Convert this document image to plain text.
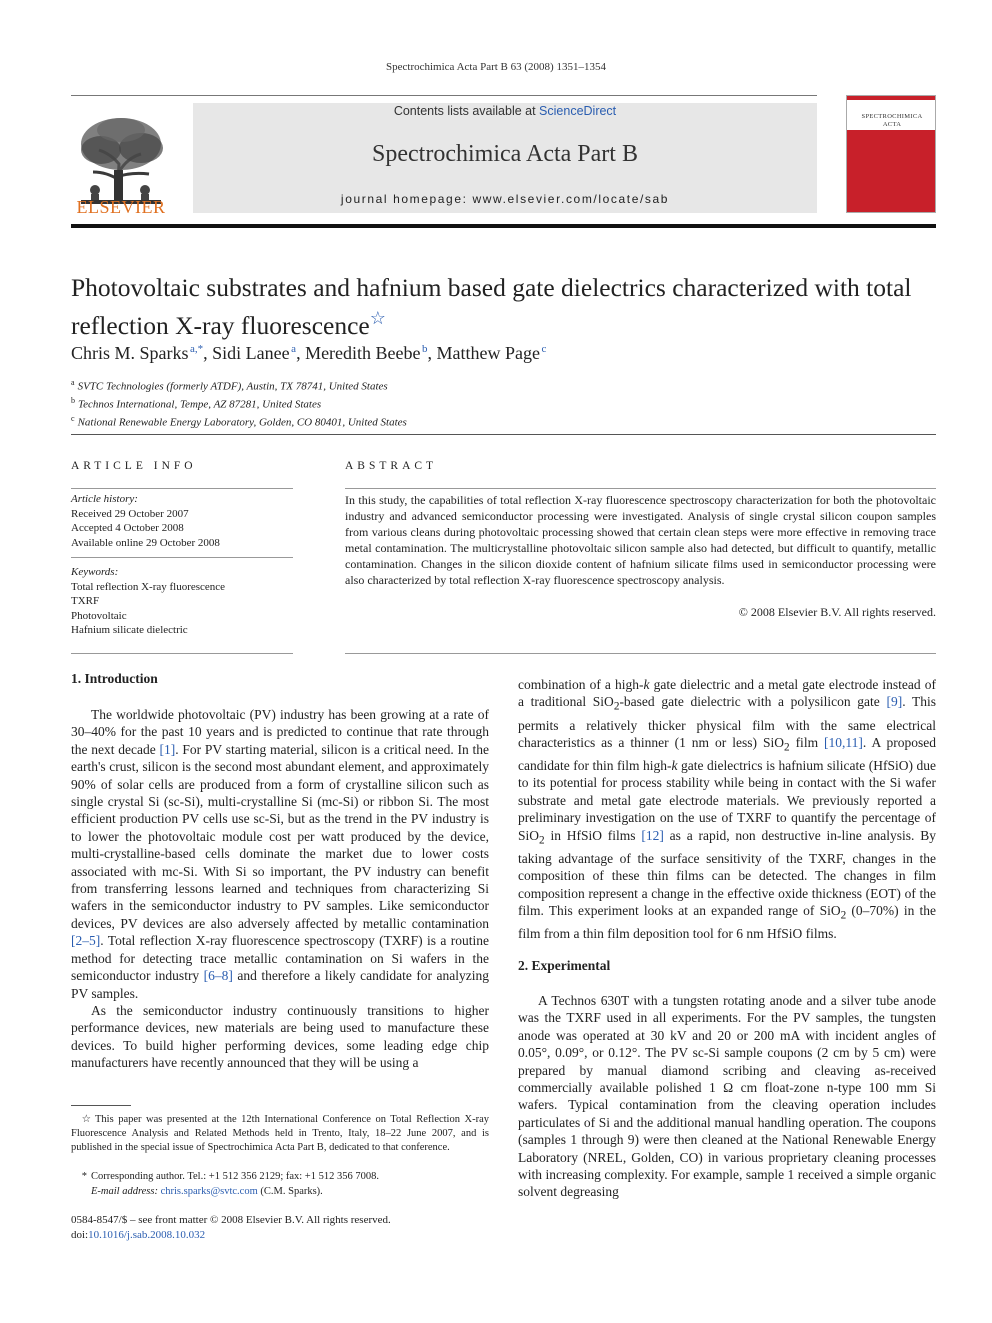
Spectrochimica Acta Part B 63 (2008) 1351–1354
Contents lists available at ScienceDirect
Spectrochimica Acta Part B
journal homepage: www.elsevier.com/locate/sab
ELSEVIER
SPECTROCHIMICA ACTA
Photovoltaic substrates and hafnium based gate dielectrics characterized with total
reflection X-ray fluorescence☆
Chris M. Sparks  $^{a,*}$, Sidi Lanee  $^a$, Meredith Beebe  $^b$, Matthew Page  $^c$
$^a$ SVTC Technologies (formerly ATDF), Austin, TX 78741, United States
$^b$ Technos International, Tempe, AZ 87281, United States
$^c$ National Renewable Energy Laboratory, Golden, CO 80401, United States
ARTICLE INFO
Article history:
Received 29 October 2007
Accepted 4 October 2008
Available online 29 October 2008
Keywords:
Total reflection X-ray fluorescence
TXRF
Photovoltaic
Hafnium silicate dielectric
ABSTRACT
In this study, the capabilities of total reflection X-ray fluorescence spectroscopy characterization for both the photovoltaic industry and advanced semiconductor processing were investigated. Analysis of single crystal silicon coupon samples from various cleans during photovoltaic processing showed that certain clean steps were more effective in removing trace metal contamination. The multicrystalline photovoltaic silicon sample also had detected, but difficult to quantify, metallic contamination. Changes in the silicon dioxide content of hafnium silicate films used in semiconductor processing were also characterized by total reflection X-ray fluorescence spectroscopy analysis.
© 2008 Elsevier B.V. All rights reserved.
1. Introduction

The worldwide photovoltaic (PV) industry has been growing at a rate of 30–40% for the past 10 years and is predicted to continue that rate through the next decade [1]. For PV starting material, silicon is a critical need. In the earth's crust, silicon is the second most abundant element, and approximately 90% of solar cells are produced from a form of crystalline silicon such as single crystal Si (sc-Si), multi-crystalline Si (mc-Si) or ribbon Si. The most efficient production PV cells use sc-Si, but as the trend in the PV industry is to lower the photovoltaic module cost per watt produced by the device, multi-crystalline-based cells dominate the market due to lower costs associated with mc-Si. With Si so important, the PV industry can benefit from transferring lessons learned and techniques from characterizing Si wafers in the semiconductor industry to PV samples. Like semiconductor devices, PV devices are also adversely affected by metallic contamination [2–5]. Total reflection X-ray fluorescence spectroscopy (TXRF) is a routine method for detecting trace metallic contamination on Si wafers in the semiconductor industry [6–8] and therefore a likely candidate for analyzing PV samples.

As the semiconductor industry continuously transitions to higher performance devices, new materials are being used to manufacture these devices. To build higher performing devices, some leading edge chip manufacturers have recently announced that they will be using a

☆ This paper was presented at the 12th International Conference on Total Reflection X-ray Fluorescence Analysis and Related Methods held in Trento, Italy, 18–22 June 2007, and is published in the special issue of Spectrochimica Acta Part B, dedicated to that conference.
* Corresponding author. Tel.: +1 512 356 2129; fax: +1 512 356 7008.
E-mail address: chris.sparks@svtc.com (C.M. Sparks).
0584-8547/$ – see front matter © 2008 Elsevier B.V. All rights reserved.
doi:10.1016/j.sab.2008.10.032

combination of a high-k gate dielectric and a metal gate electrode instead of a traditional SiO$_2$-based gate dielectric with a polysilicon gate [9]. This permits a relatively thicker physical film with the same electrical characteristics as a thinner (1 nm or less) SiO$_2$ film [10,11]. A proposed candidate for thin film high-k gate dielectrics is hafnium silicate (HfSiO) due to its potential for process stability while being in contact with the Si wafer substrate and metal gate electrode materials. We previously reported a preliminary investigation on the use of TXRF to quantify the percentage of SiO$_2$ in HfSiO films [12] as a rapid, non destructive in-line analysis. By taking advantage of the surface sensitivity of the TXRF, changes in the composition of these thin films can be detected. The changes in film composition represent a change in the effective oxide thickness (EOT) of the film. This experiment looks at an expanded range of SiO$_2$ (0–70%) in the film from a thin film deposition tool for 6 nm HfSiO films.

2. Experimental

A Technos 630T with a tungsten rotating anode and a silver tube anode was the TXRF used in all experiments. For the PV samples, the tungsten anode was operated at 30 kV and 20 or 200 mA with incident angles of 0.05°, 0.09°, or 0.12°. The PV sc-Si sample coupons (2 cm by 5 cm) were prepared by manual diamond scribing and cleaving as-received commercially available polished 1 Ω cm float-zone n-type 100 mm Si wafers. Typical contamination from the cleaving operation includes particulates of Si and the additional manual handling operation. The coupons (samples 1 through 9) were then cleaned at the National Renewable Energy Laboratory (NREL, Golden, CO) in various proprietary cleaning processes with increasing complexity. For example, sample 1 received a simple organic solvent degreasing
